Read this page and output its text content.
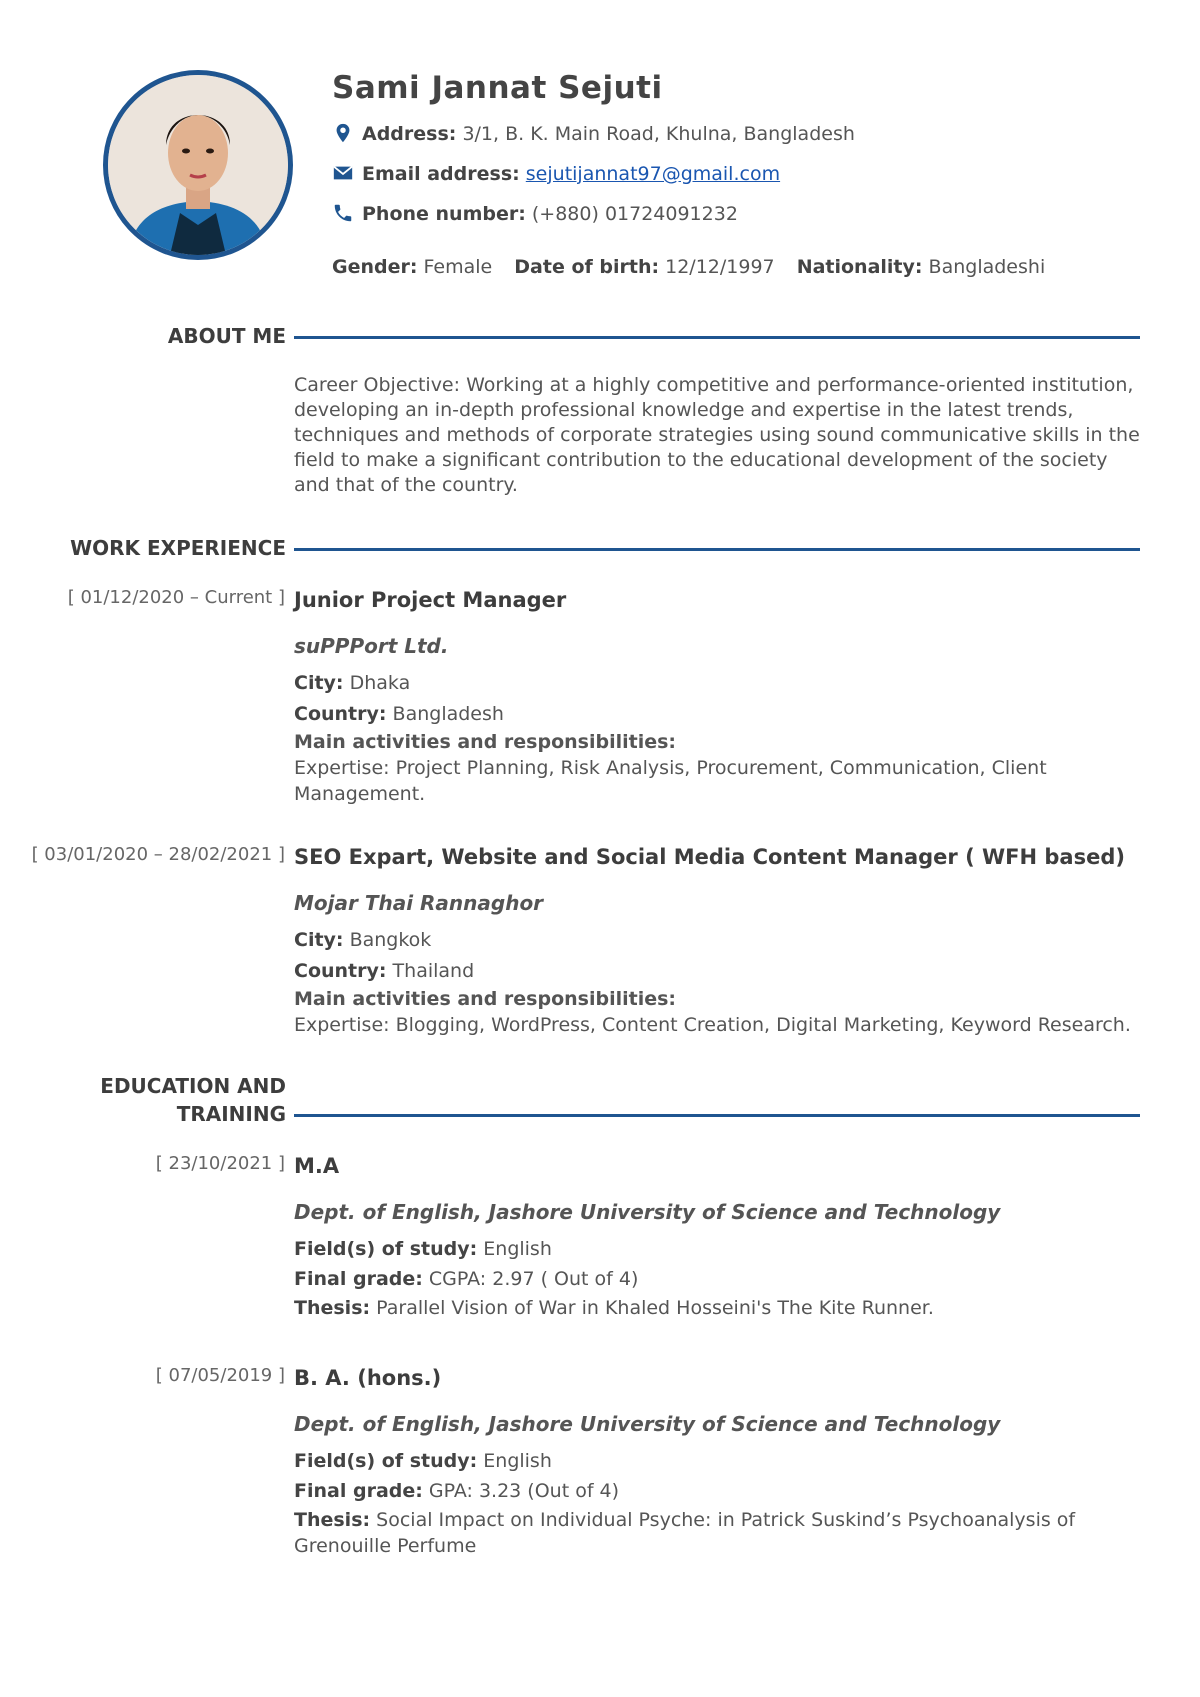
Sami Jannat Sejuti
Address: 3/1, B. K. Main Road, Khulna, Bangladesh
Email address: sejutijannat97@gmail.com
Phone number: (+880) 01724091232
Gender: Female Date of birth: 12/12/1997 Nationality: Bangladeshi
ABOUT ME
Career Objective: Working at a highly competitive and performance-oriented institution, developing an in-depth professional knowledge and expertise in the latest trends, techniques and methods of corporate strategies using sound communicative skills in the field to make a significant contribution to the educational development of the society and that of the country.
WORK EXPERIENCE
[ 01/12/2020 – Current ] Junior Project Manager
suPPPort Ltd.
City: Dhaka
Country: Bangladesh
Main activities and responsibilities:
Expertise: Project Planning, Risk Analysis, Procurement, Communication, Client Management.
[ 03/01/2020 – 28/02/2021 ] SEO Expart, Website and Social Media Content Manager ( WFH based)
Mojar Thai Rannaghor
City: Bangkok
Country: Thailand
Main activities and responsibilities:
Expertise: Blogging, WordPress, Content Creation, Digital Marketing, Keyword Research.
EDUCATION AND
TRAINING
[ 23/10/2021 ] M.A
Dept. of English, Jashore University of Science and Technology
Field(s) of study: English
Final grade: CGPA: 2.97 ( Out of 4)
Thesis: Parallel Vision of War in Khaled Hosseini's The Kite Runner.
[ 07/05/2019 ] B. A. (hons.)
Dept. of English, Jashore University of Science and Technology
Field(s) of study: English
Final grade: GPA: 3.23 (Out of 4)
Thesis: Social Impact on Individual Psyche: in Patrick Suskind’s Psychoanalysis of Grenouille Perfume
